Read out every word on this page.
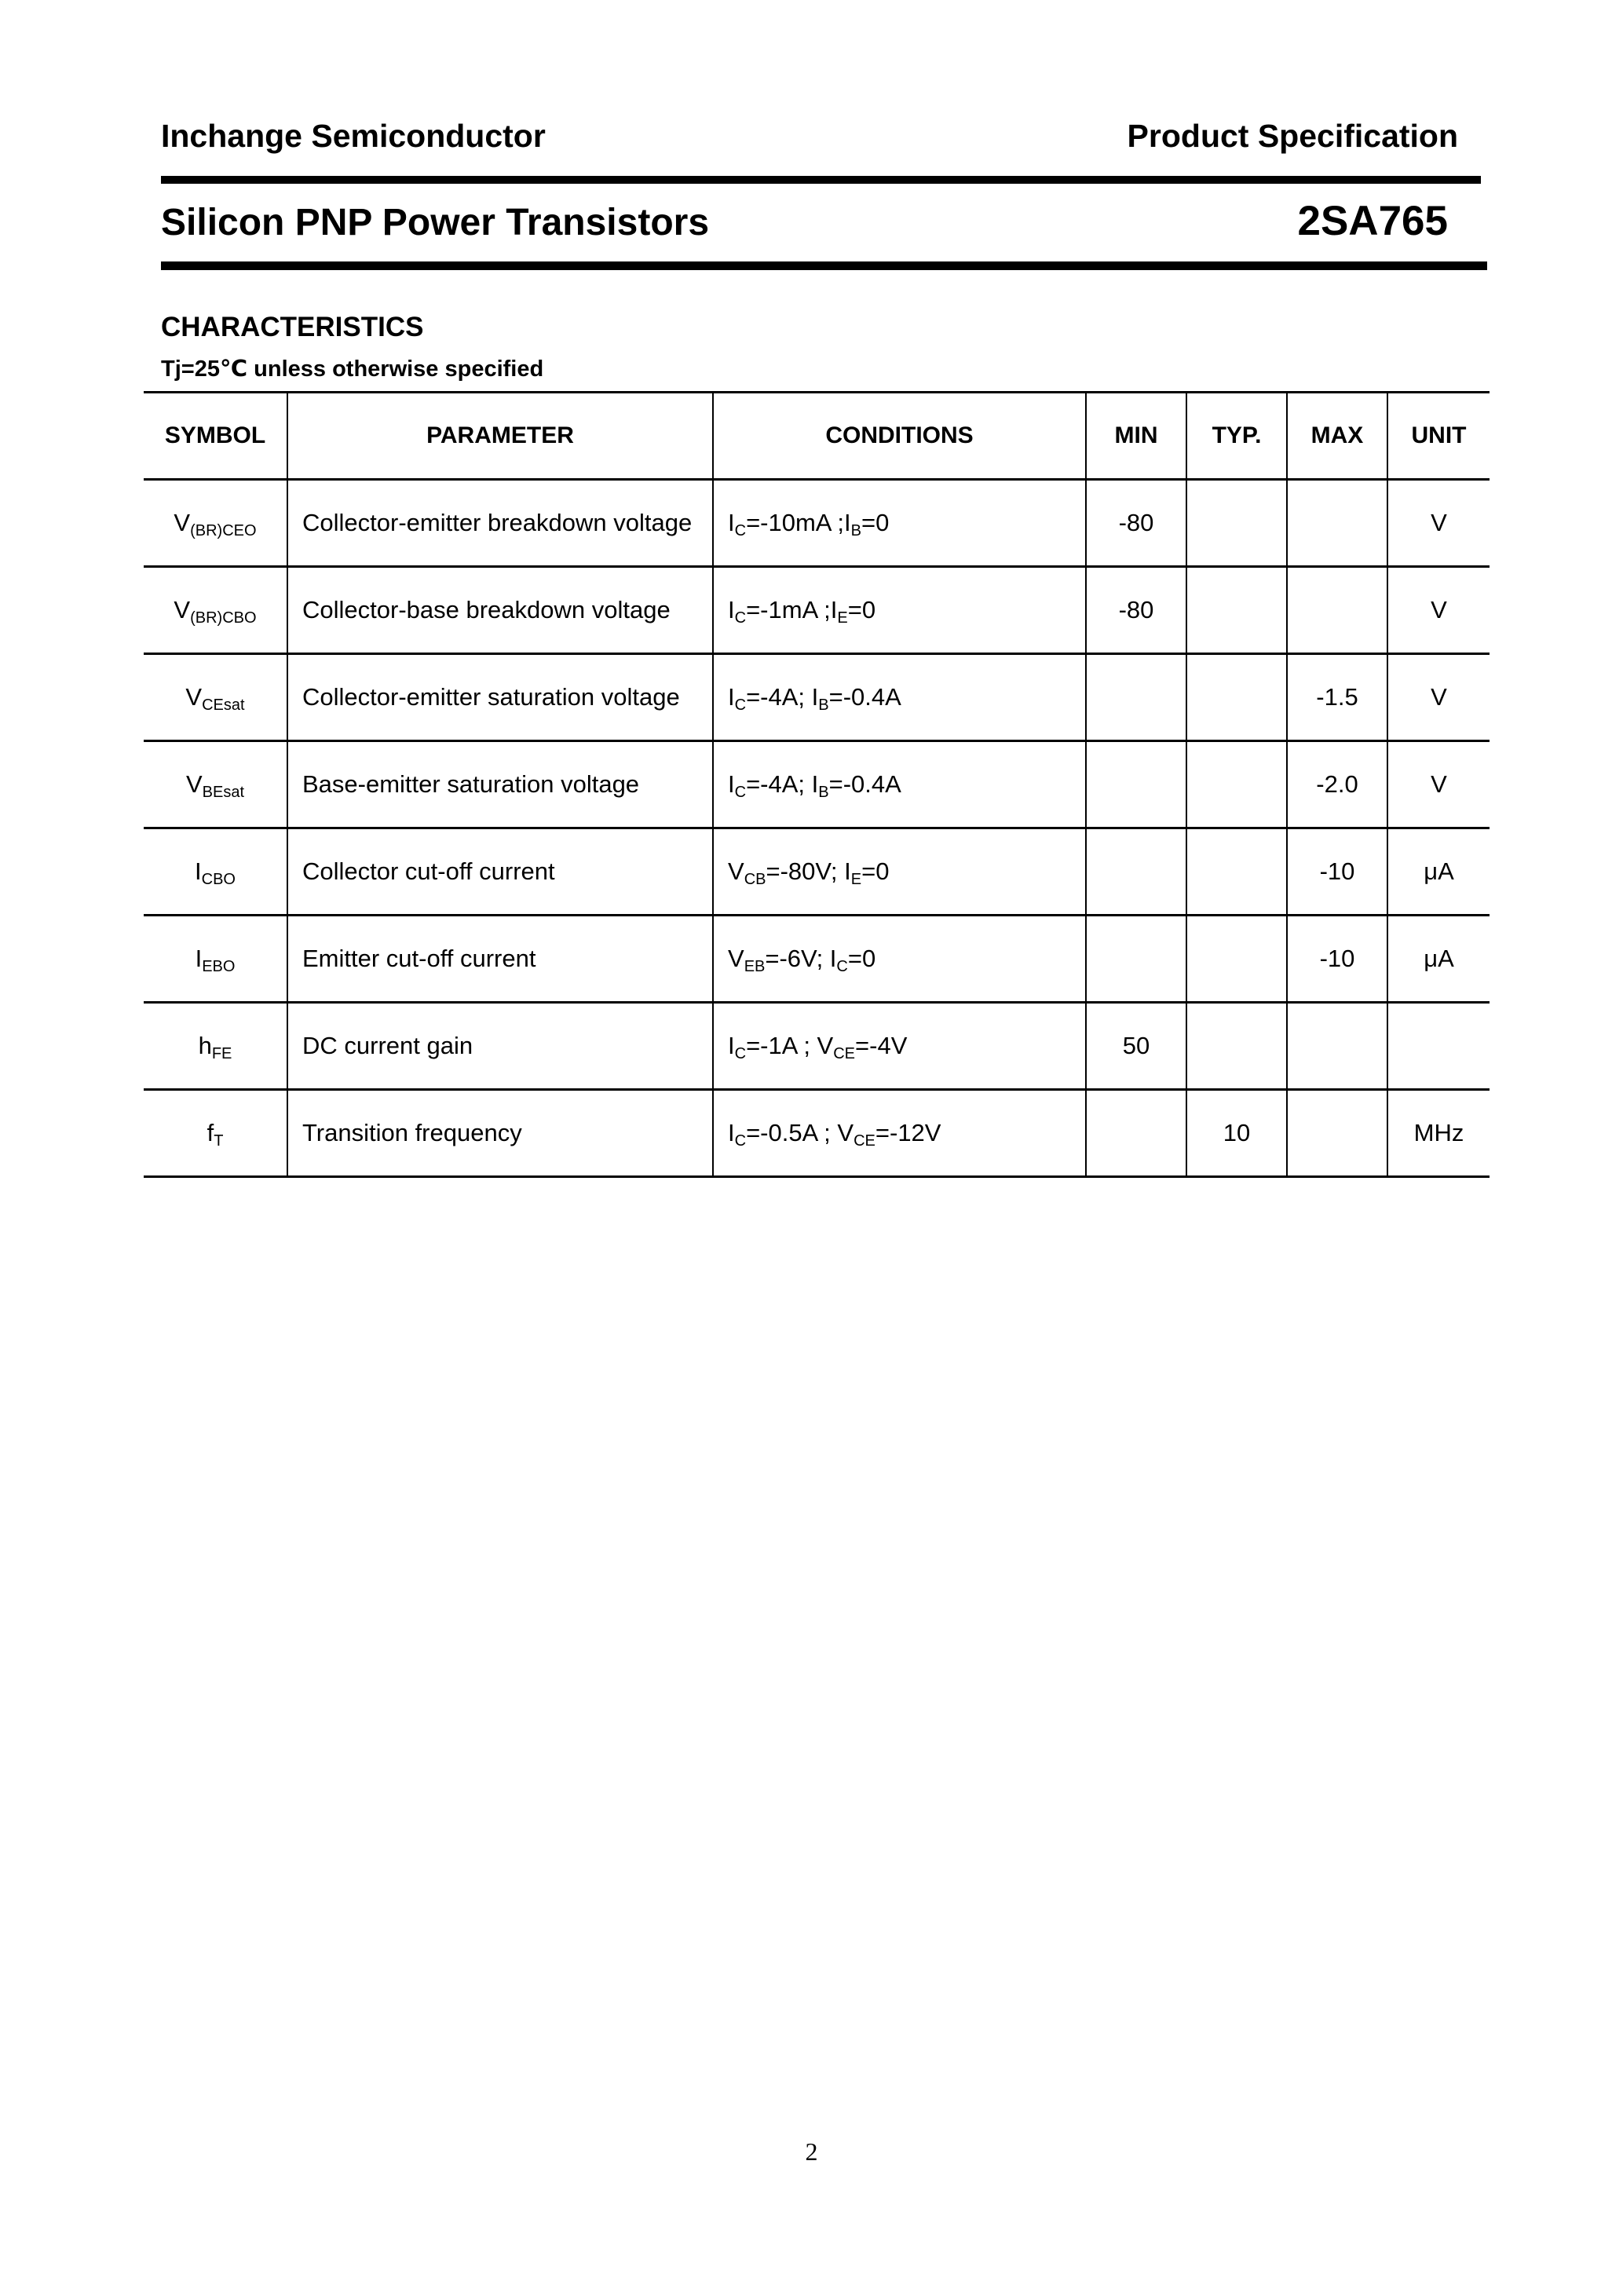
Inchange Semiconductor	Product Specification
Silicon PNP Power Transistors	2SA765
CHARACTERISTICS
Tj=25℃ unless otherwise specified
SYMBOL	PARAMETER	CONDITIONS	MIN	TYP.	MAX	UNIT
$V_{(BR)CEO}$	Collector-emitter breakdown voltage	$I_C=-10mA$ $;I_B=0$	-80			V
$V_{(BR)CBO}$	Collector-base breakdown voltage	$I_C=-1mA$ $;I_E=0$	-80			V
$V_{CEsat}$	Collector-emitter saturation voltage	$I_C=-4A$; $I_B=-0.4A$			-1.5	V
$V_{BEsat}$	Base-emitter saturation voltage	$I_C=-4A$; $I_B=-0.4A$			-2.0	V
$I_{CBO}$	Collector cut-off current	$V_{CB}=-80V$; $I_E=0$			-10	μA
$I_{EBO}$	Emitter cut-off current	$V_{EB}=-6V$; $I_C=0$			-10	μA
$h_{FE}$	DC current gain	$I_C=-1A$ ; $V_{CE}=-4V$	50			
$f_T$	Transition frequency	$I_C=-0.5A$ ; $V_{CE}=-12V$		10		MHz
2
